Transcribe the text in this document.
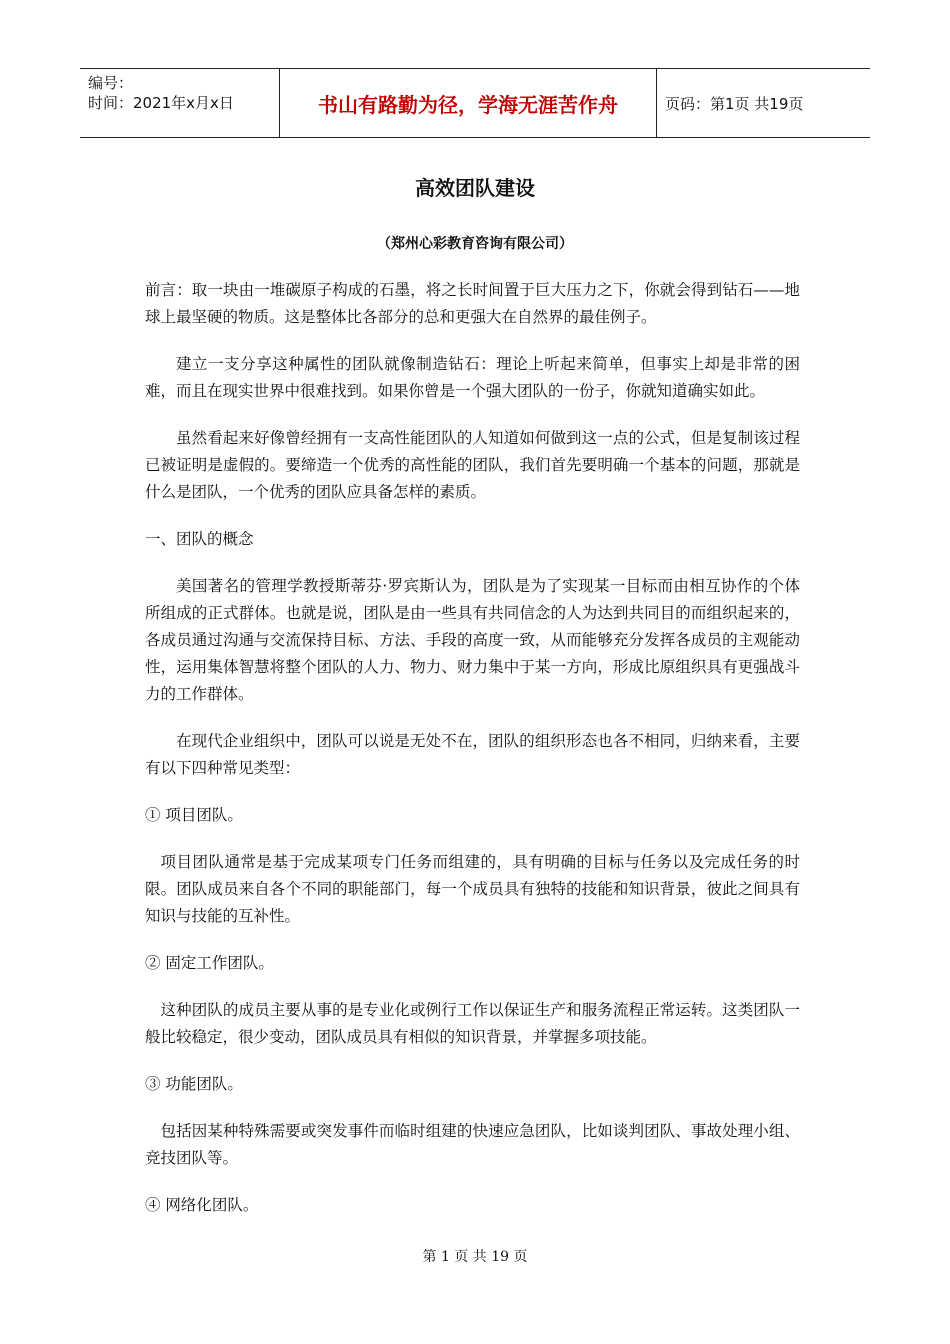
编号：
时间：2021年x月x日	书山有路勤为径，学海无涯苦作舟	页码：第1页 共19页
高效团队建设
（郑州心彩教育咨询有限公司）

前言：取一块由一堆碳原子构成的石墨，将之长时间置于巨大压力之下，你就会得到钻石——地球上最坚硬的物质。这是整体比各部分的总和更强大在自然界的最佳例子。

建立一支分享这种属性的团队就像制造钻石：理论上听起来简单，但事实上却是非常的困难，而且在现实世界中很难找到。如果你曾是一个强大团队的一份子，你就知道确实如此。

虽然看起来好像曾经拥有一支高性能团队的人知道如何做到这一点的公式，但是复制该过程已被证明是虚假的。要缔造一个优秀的高性能的团队，我们首先要明确一个基本的问题，那就是什么是团队，一个优秀的团队应具备怎样的素质。

一、团队的概念

美国著名的管理学教授斯蒂芬·罗宾斯认为，团队是为了实现某一目标而由相互协作的个体所组成的正式群体。也就是说，团队是由一些具有共同信念的人为达到共同目的而组织起来的，各成员通过沟通与交流保持目标、方法、手段的高度一致，从而能够充分发挥各成员的主观能动性，运用集体智慧将整个团队的人力、物力、财力集中于某一方向，形成比原组织具有更强战斗力的工作群体。

在现代企业组织中，团队可以说是无处不在，团队的组织形态也各不相同，归纳来看，主要有以下四种常见类型：

① 项目团队。

项目团队通常是基于完成某项专门任务而组建的，具有明确的目标与任务以及完成任务的时限。团队成员来自各个不同的职能部门，每一个成员具有独特的技能和知识背景，彼此之间具有知识与技能的互补性。

② 固定工作团队。

这种团队的成员主要从事的是专业化或例行工作以保证生产和服务流程正常运转。这类团队一般比较稳定，很少变动，团队成员具有相似的知识背景，并掌握多项技能。

③ 功能团队。

包括因某种特殊需要或突发事件而临时组建的快速应急团队，比如谈判团队、事故处理小组、竞技团队等。

④ 网络化团队。

第 1 页 共 19 页
